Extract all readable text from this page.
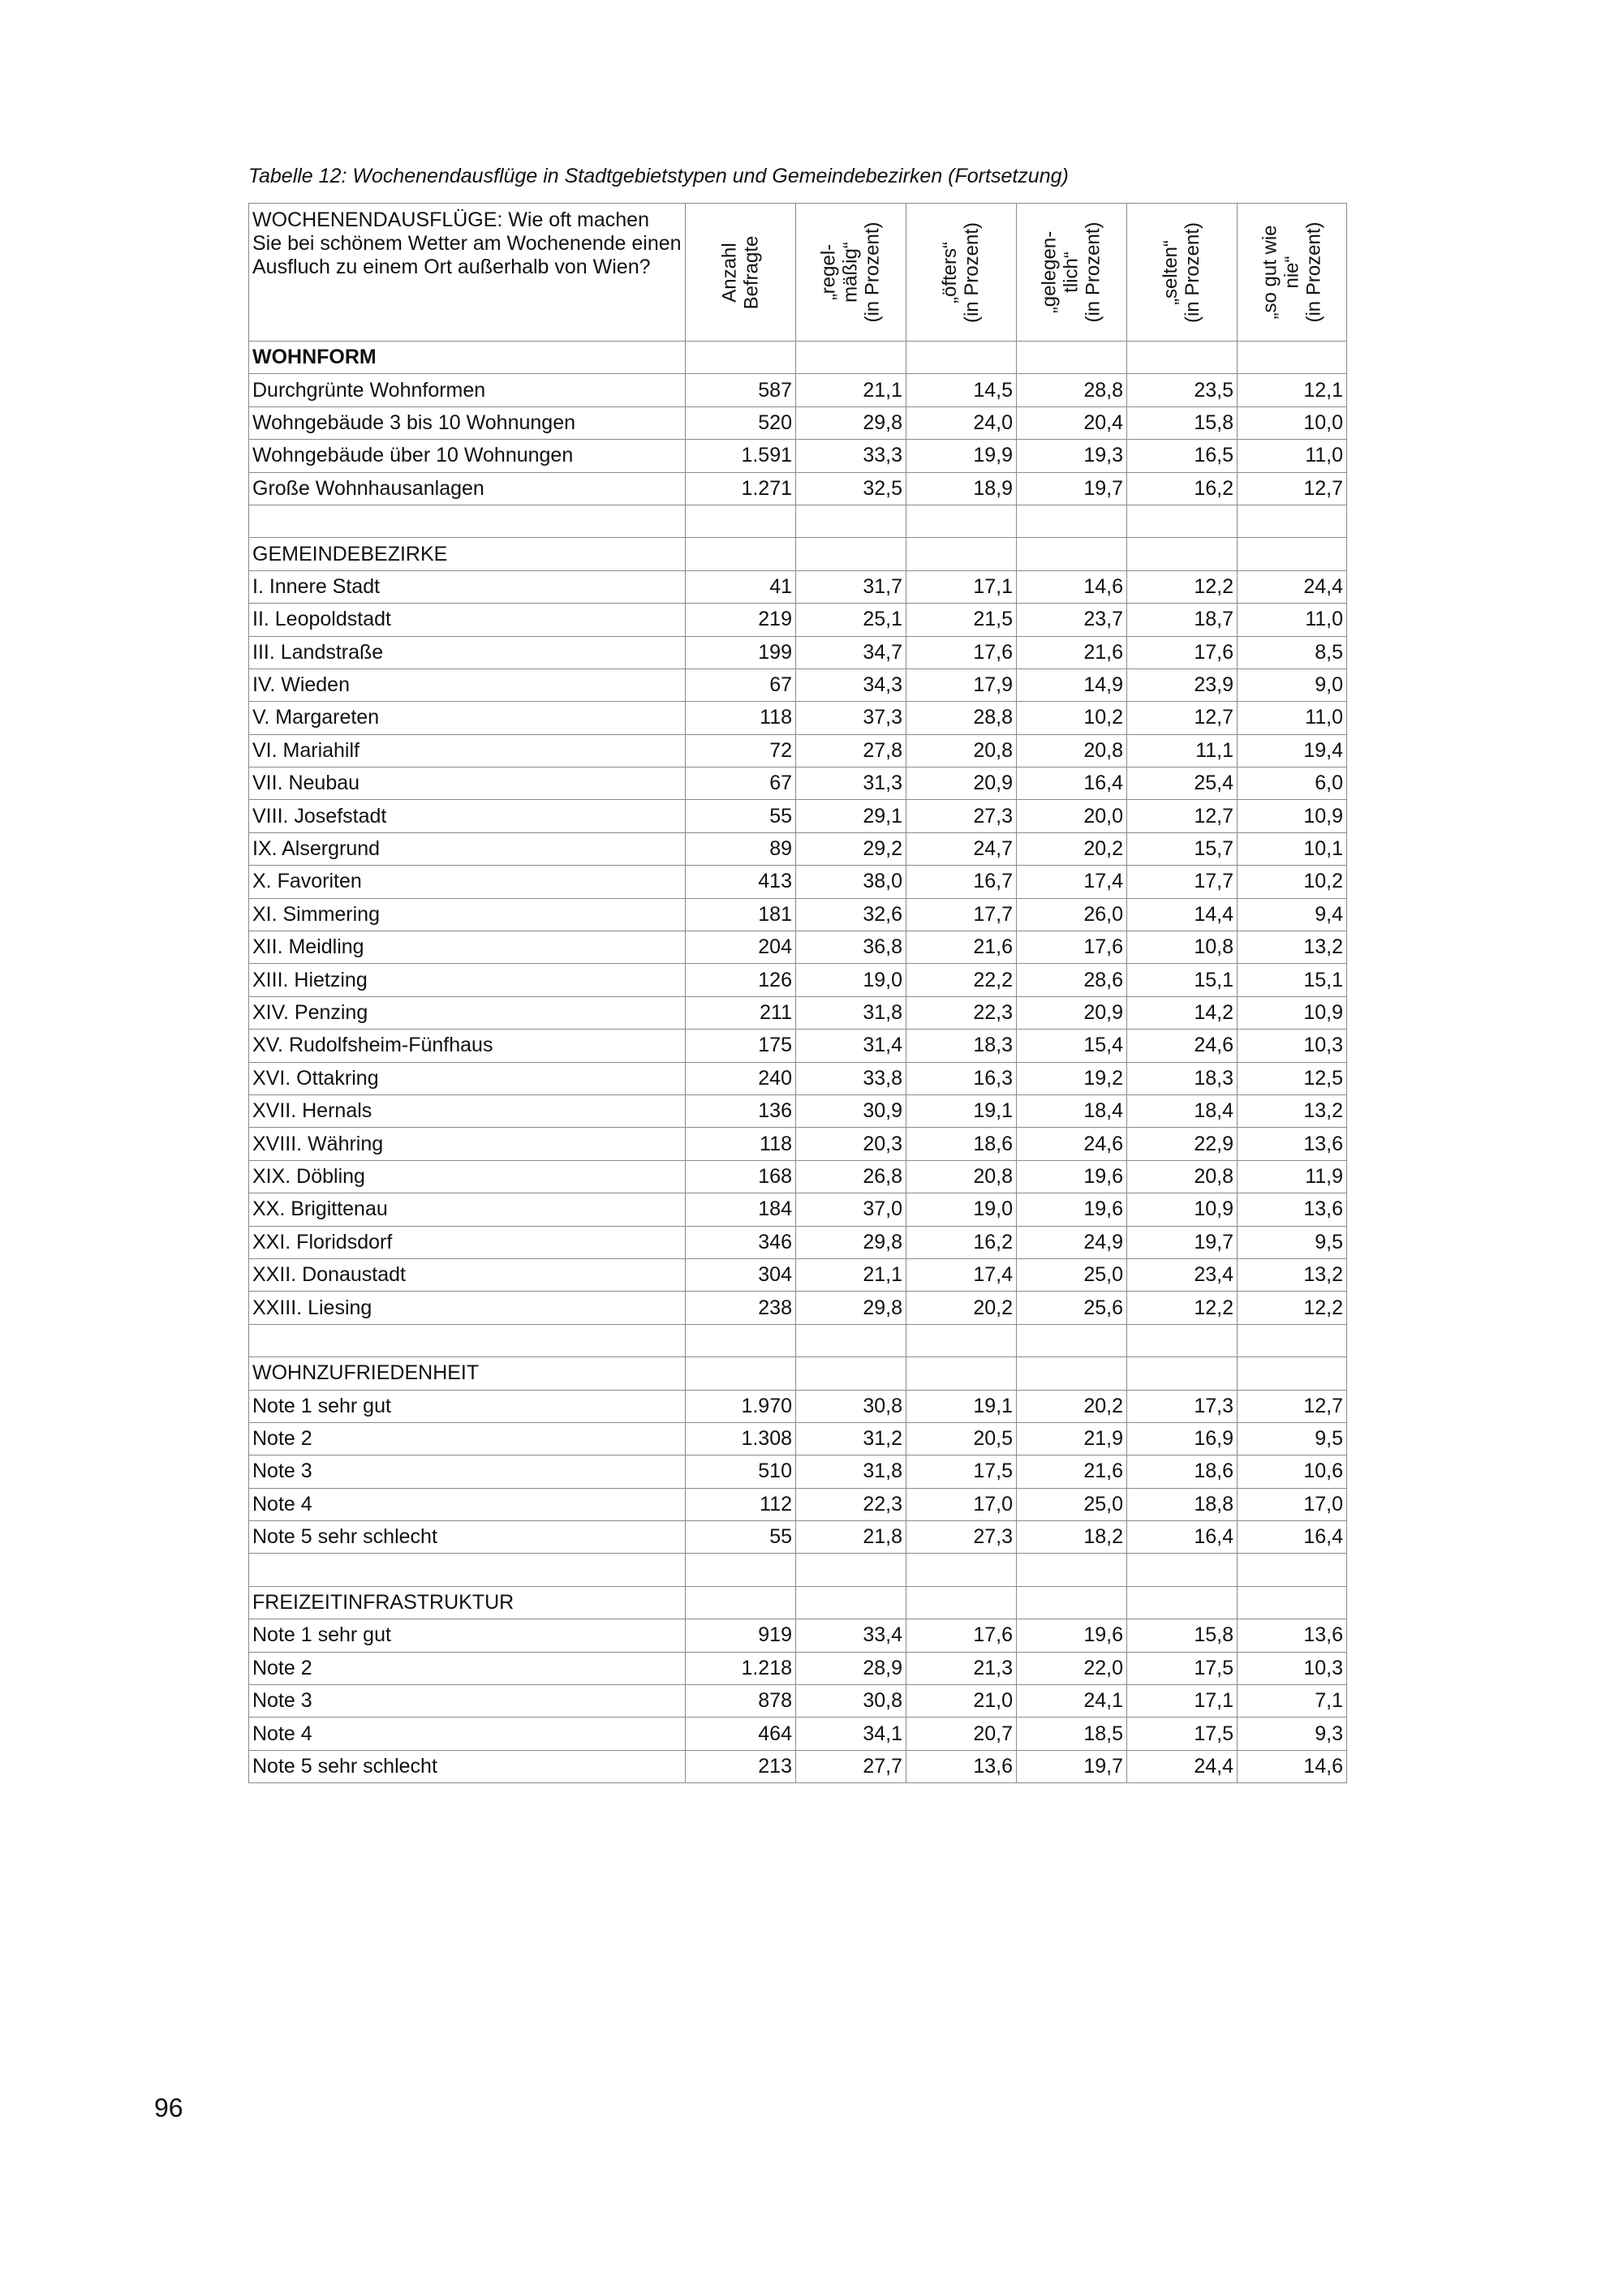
Tabelle 12: Wochenendausflüge in Stadtgebietstypen und Gemeindebezirken (Fortsetzung)
WOCHENENDAUSFLÜGE: Wie oft machen Sie bei schönem Wetter am Wochenende einen Ausfluch zu einem Ort außerhalb von Wien?	Anzahl
Befragte	„regel-
mäßig“
(in Prozent)	„öfters“
(in Prozent)	„gelegen-
tlich“
(in Prozent)	„selten“
(in Prozent)	„so gut wie
nie“
(in Prozent)

WOHNFORM						
Durchgrünte Wohnformen	587	21,1	14,5	28,8	23,5	12,1
Wohngebäude 3 bis 10 Wohnungen	520	29,8	24,0	20,4	15,8	10,0
Wohngebäude über 10 Wohnungen	1.591	33,3	19,9	19,3	16,5	11,0
Große Wohnhausanlagen	1.271	32,5	18,9	19,7	16,2	12,7

GEMEINDEBEZIRKE						
I. Innere Stadt	41	31,7	17,1	14,6	12,2	24,4
II. Leopoldstadt	219	25,1	21,5	23,7	18,7	11,0
III. Landstraße	199	34,7	17,6	21,6	17,6	8,5
IV. Wieden	67	34,3	17,9	14,9	23,9	9,0
V. Margareten	118	37,3	28,8	10,2	12,7	11,0
VI. Mariahilf	72	27,8	20,8	20,8	11,1	19,4
VII. Neubau	67	31,3	20,9	16,4	25,4	6,0
VIII. Josefstadt	55	29,1	27,3	20,0	12,7	10,9
IX. Alsergrund	89	29,2	24,7	20,2	15,7	10,1
X. Favoriten	413	38,0	16,7	17,4	17,7	10,2
XI. Simmering	181	32,6	17,7	26,0	14,4	9,4
XII. Meidling	204	36,8	21,6	17,6	10,8	13,2
XIII. Hietzing	126	19,0	22,2	28,6	15,1	15,1
XIV. Penzing	211	31,8	22,3	20,9	14,2	10,9
XV. Rudolfsheim-Fünfhaus	175	31,4	18,3	15,4	24,6	10,3
XVI. Ottakring	240	33,8	16,3	19,2	18,3	12,5
XVII. Hernals	136	30,9	19,1	18,4	18,4	13,2
XVIII. Währing	118	20,3	18,6	24,6	22,9	13,6
XIX. Döbling	168	26,8	20,8	19,6	20,8	11,9
XX. Brigittenau	184	37,0	19,0	19,6	10,9	13,6
XXI. Floridsdorf	346	29,8	16,2	24,9	19,7	9,5
XXII. Donaustadt	304	21,1	17,4	25,0	23,4	13,2
XXIII. Liesing	238	29,8	20,2	25,6	12,2	12,2

WOHNZUFRIEDENHEIT						
Note 1 sehr gut	1.970	30,8	19,1	20,2	17,3	12,7
Note 2	1.308	31,2	20,5	21,9	16,9	9,5
Note 3	510	31,8	17,5	21,6	18,6	10,6
Note 4	112	22,3	17,0	25,0	18,8	17,0
Note 5 sehr schlecht	55	21,8	27,3	18,2	16,4	16,4

FREIZEITINFRASTRUKTUR						
Note 1 sehr gut	919	33,4	17,6	19,6	15,8	13,6
Note 2	1.218	28,9	21,3	22,0	17,5	10,3
Note 3	878	30,8	21,0	24,1	17,1	7,1
Note 4	464	34,1	20,7	18,5	17,5	9,3
Note 5 sehr schlecht	213	27,7	13,6	19,7	24,4	14,6
96
